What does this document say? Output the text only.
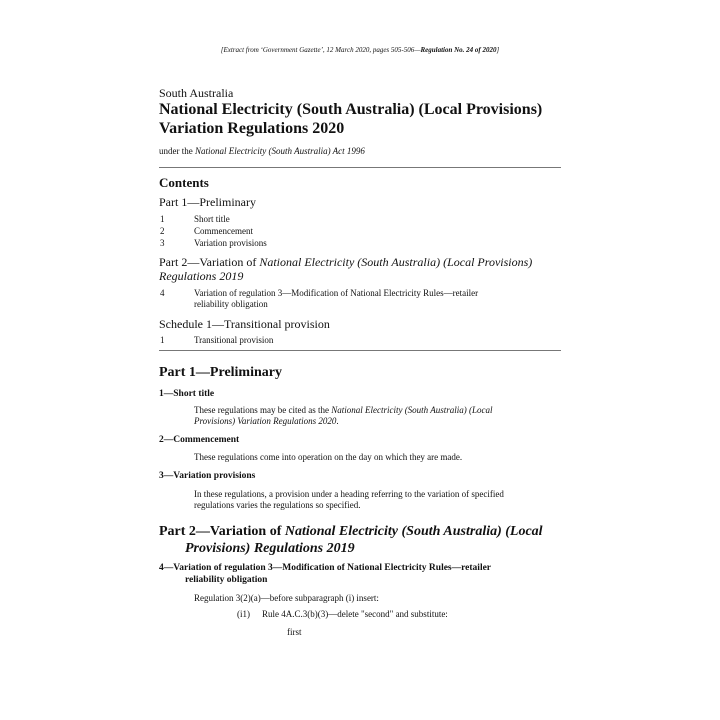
[Extract from ‘Government Gazette’, 12 March 2020, pages 505-506—Regulation No. 24 of 2020]
South Australia
National Electricity (South Australia) (Local Provisions)
Variation Regulations 2020
under the National Electricity (South Australia) Act 1996
Contents
Part 1—Preliminary
1	Short title
2	Commencement
3	Variation provisions
Part 2—Variation of National Electricity (South Australia) (Local Provisions)
Regulations 2019
4	Variation of regulation 3—Modification of National Electricity Rules—retailer
reliability obligation
Schedule 1—Transitional provision
1	Transitional provision
Part 1—Preliminary
1—Short title
These regulations may be cited as the National Electricity (South Australia) (Local
Provisions) Variation Regulations 2020.
2—Commencement
These regulations come into operation on the day on which they are made.
3—Variation provisions
In these regulations, a provision under a heading referring to the variation of specified
regulations varies the regulations so specified.
Part 2—Variation of National Electricity (South Australia) (Local
Provisions) Regulations 2019
4—Variation of regulation 3—Modification of National Electricity Rules—retailer
reliability obligation
Regulation 3(2)(a)—before subparagraph (i) insert:
(i1) Rule 4A.C.3(b)(3)—delete "second" and substitute:
first
